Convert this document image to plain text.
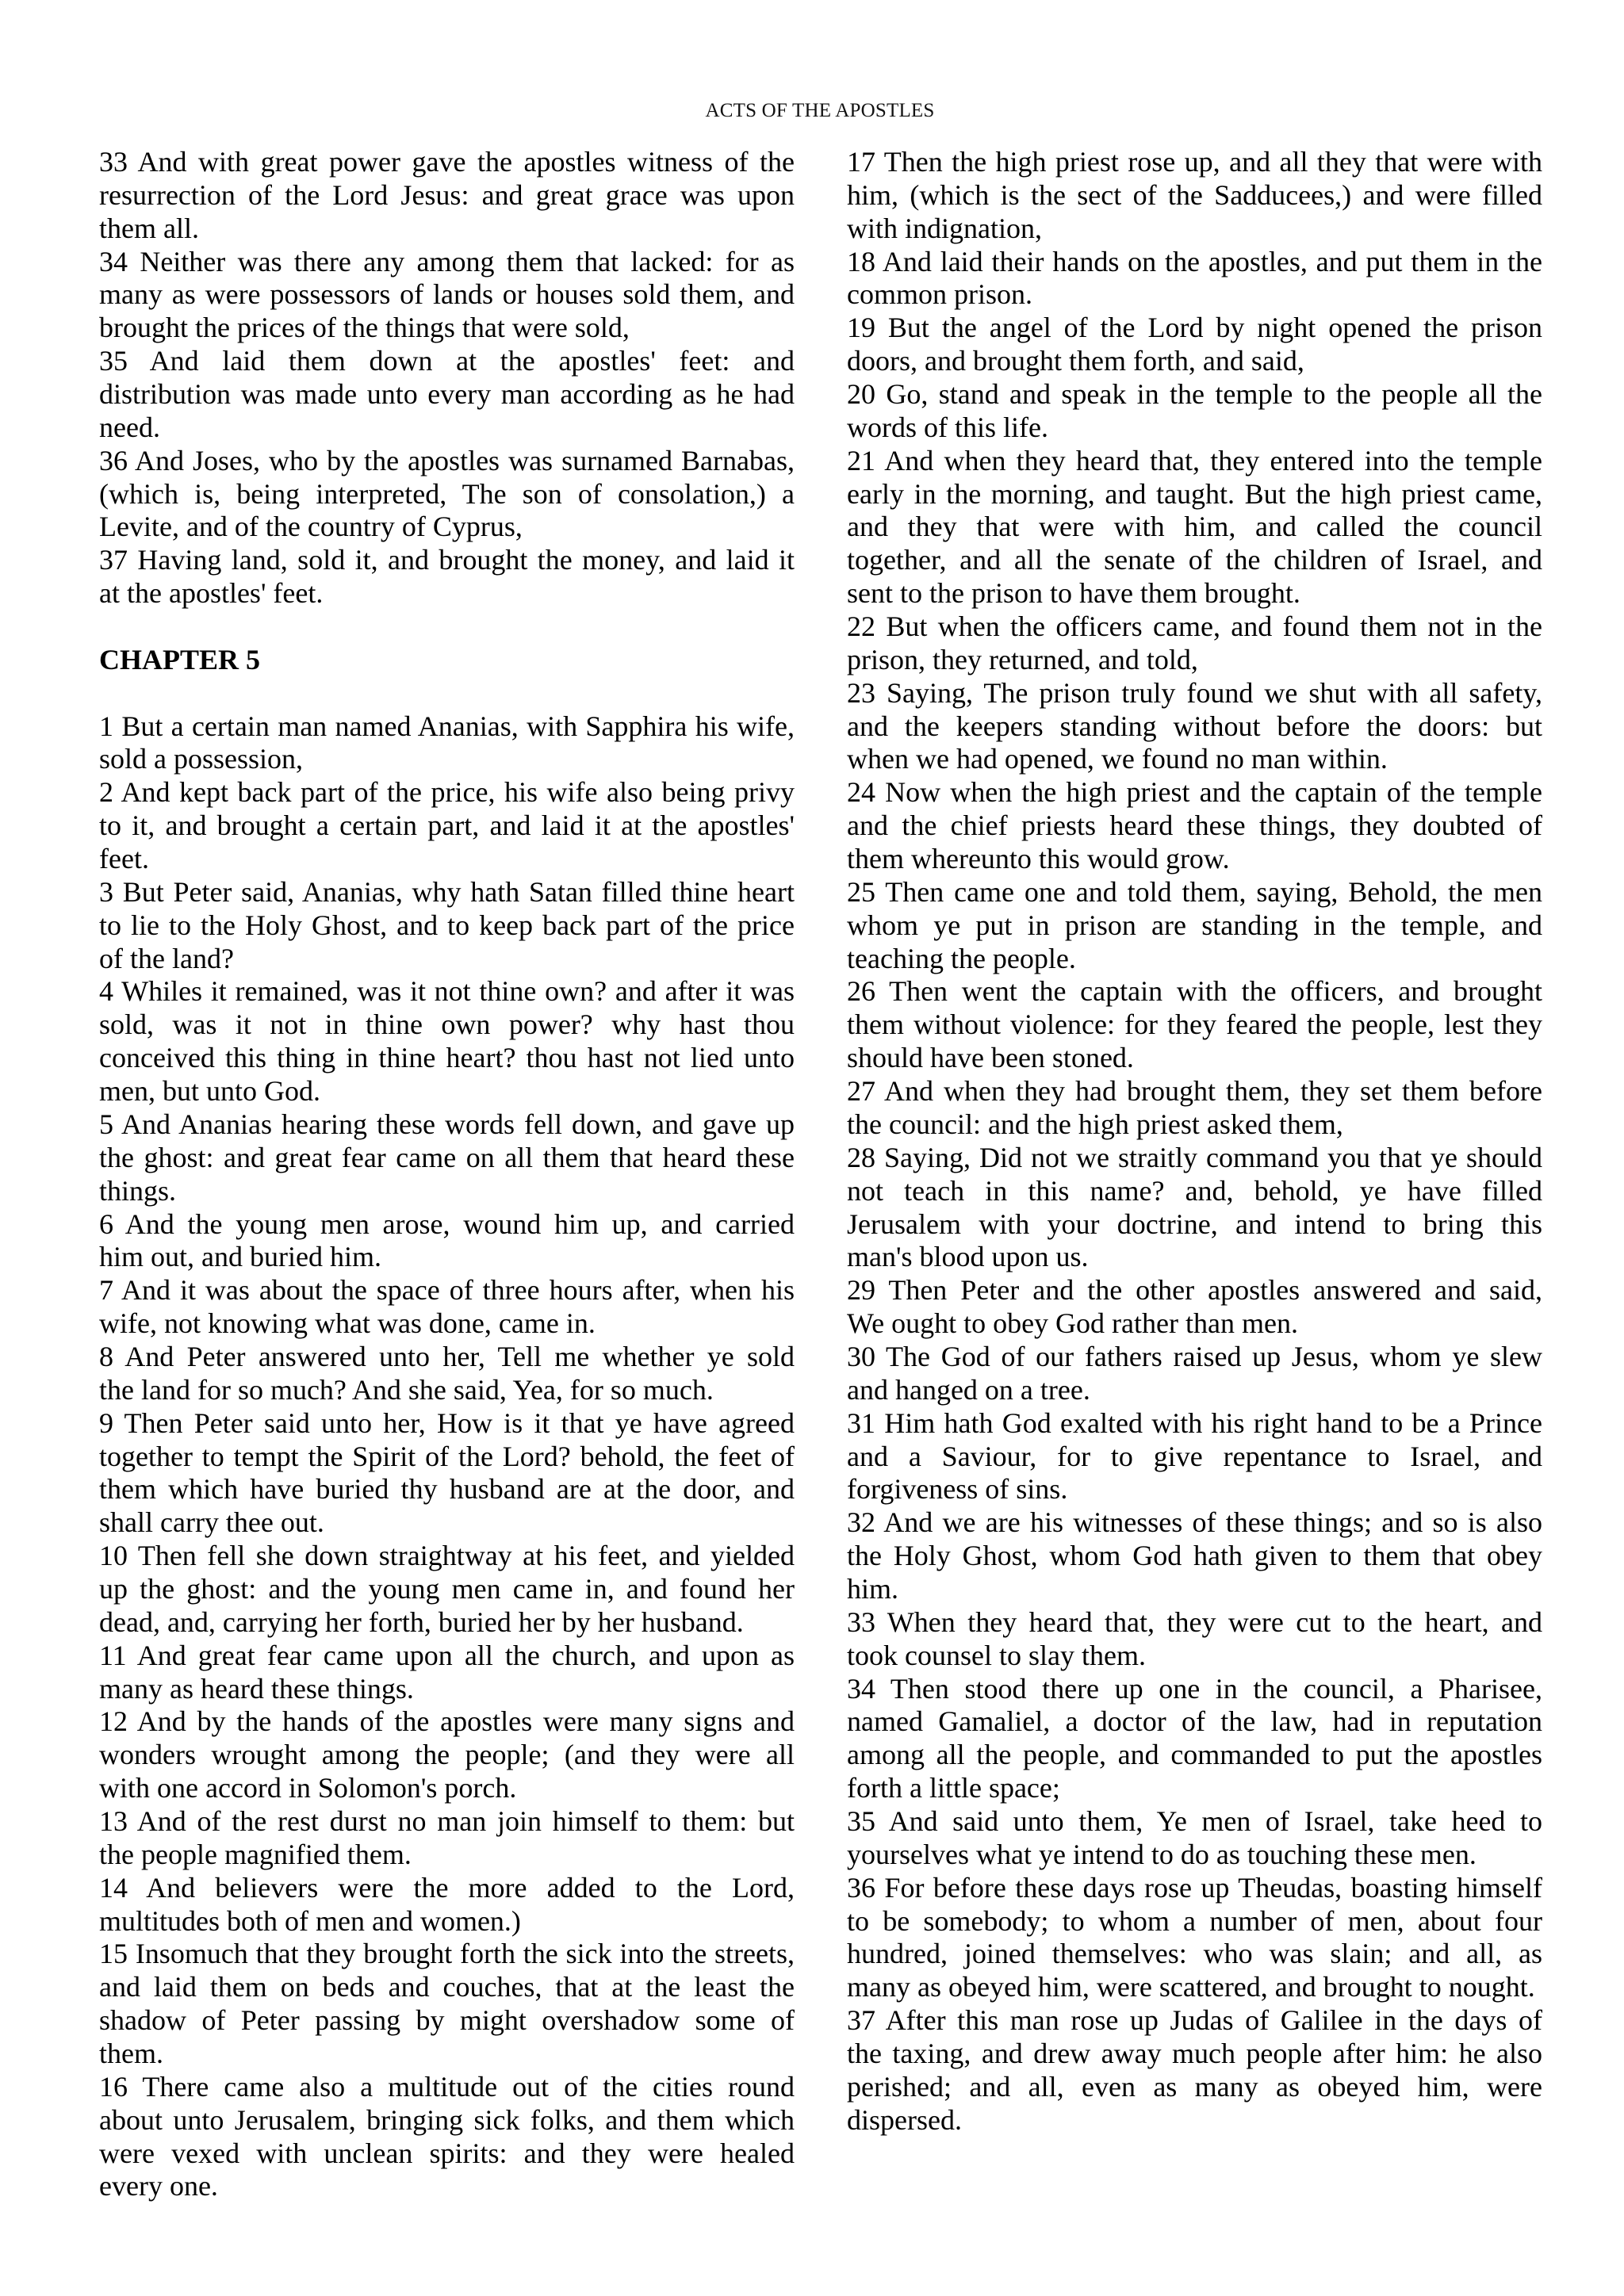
ACTS OF THE APOSTLES
33 And with great power gave the apostles witness of the
resurrection of the Lord Jesus: and great grace was upon
them all.
34 Neither was there any among them that lacked: for as
many as were possessors of lands or houses sold them, and
brought the prices of the things that were sold,
35 And laid them down at the apostles' feet: and
distribution was made unto every man according as he had
need.
36 And Joses, who by the apostles was surnamed Barnabas,
(which is, being interpreted, The son of consolation,) a
Levite, and of the country of Cyprus,
37 Having land, sold it, and brought the money, and laid it
at the apostles' feet.
CHAPTER 5
1 But a certain man named Ananias, with Sapphira his wife,
sold a possession,
2 And kept back part of the price, his wife also being privy
to it, and brought a certain part, and laid it at the apostles'
feet.
3 But Peter said, Ananias, why hath Satan filled thine heart
to lie to the Holy Ghost, and to keep back part of the price
of the land?
4 Whiles it remained, was it not thine own? and after it was
sold, was it not in thine own power? why hast thou
conceived this thing in thine heart? thou hast not lied unto
men, but unto God.
5 And Ananias hearing these words fell down, and gave up
the ghost: and great fear came on all them that heard these
things.
6 And the young men arose, wound him up, and carried
him out, and buried him.
7 And it was about the space of three hours after, when his
wife, not knowing what was done, came in.
8 And Peter answered unto her, Tell me whether ye sold
the land for so much? And she said, Yea, for so much.
9 Then Peter said unto her, How is it that ye have agreed
together to tempt the Spirit of the Lord? behold, the feet of
them which have buried thy husband are at the door, and
shall carry thee out.
10 Then fell she down straightway at his feet, and yielded
up the ghost: and the young men came in, and found her
dead, and, carrying her forth, buried her by her husband.
11 And great fear came upon all the church, and upon as
many as heard these things.
12 And by the hands of the apostles were many signs and
wonders wrought among the people; (and they were all
with one accord in Solomon's porch.
13 And of the rest durst no man join himself to them: but
the people magnified them.
14 And believers were the more added to the Lord,
multitudes both of men and women.)
15 Insomuch that they brought forth the sick into the streets,
and laid them on beds and couches, that at the least the
shadow of Peter passing by might overshadow some of
them.
16 There came also a multitude out of the cities round
about unto Jerusalem, bringing sick folks, and them which
were vexed with unclean spirits: and they were healed
every one.
17 Then the high priest rose up, and all they that were with
him, (which is the sect of the Sadducees,) and were filled
with indignation,
18 And laid their hands on the apostles, and put them in the
common prison.
19 But the angel of the Lord by night opened the prison
doors, and brought them forth, and said,
20 Go, stand and speak in the temple to the people all the
words of this life.
21 And when they heard that, they entered into the temple
early in the morning, and taught. But the high priest came,
and they that were with him, and called the council
together, and all the senate of the children of Israel, and
sent to the prison to have them brought.
22 But when the officers came, and found them not in the
prison, they returned, and told,
23 Saying, The prison truly found we shut with all safety,
and the keepers standing without before the doors: but
when we had opened, we found no man within.
24 Now when the high priest and the captain of the temple
and the chief priests heard these things, they doubted of
them whereunto this would grow.
25 Then came one and told them, saying, Behold, the men
whom ye put in prison are standing in the temple, and
teaching the people.
26 Then went the captain with the officers, and brought
them without violence: for they feared the people, lest they
should have been stoned.
27 And when they had brought them, they set them before
the council: and the high priest asked them,
28 Saying, Did not we straitly command you that ye should
not teach in this name? and, behold, ye have filled
Jerusalem with your doctrine, and intend to bring this
man's blood upon us.
29 Then Peter and the other apostles answered and said,
We ought to obey God rather than men.
30 The God of our fathers raised up Jesus, whom ye slew
and hanged on a tree.
31 Him hath God exalted with his right hand to be a Prince
and a Saviour, for to give repentance to Israel, and
forgiveness of sins.
32 And we are his witnesses of these things; and so is also
the Holy Ghost, whom God hath given to them that obey
him.
33 When they heard that, they were cut to the heart, and
took counsel to slay them.
34 Then stood there up one in the council, a Pharisee,
named Gamaliel, a doctor of the law, had in reputation
among all the people, and commanded to put the apostles
forth a little space;
35 And said unto them, Ye men of Israel, take heed to
yourselves what ye intend to do as touching these men.
36 For before these days rose up Theudas, boasting himself
to be somebody; to whom a number of men, about four
hundred, joined themselves: who was slain; and all, as
many as obeyed him, were scattered, and brought to nought.
37 After this man rose up Judas of Galilee in the days of
the taxing, and drew away much people after him: he also
perished; and all, even as many as obeyed him, were
dispersed.
